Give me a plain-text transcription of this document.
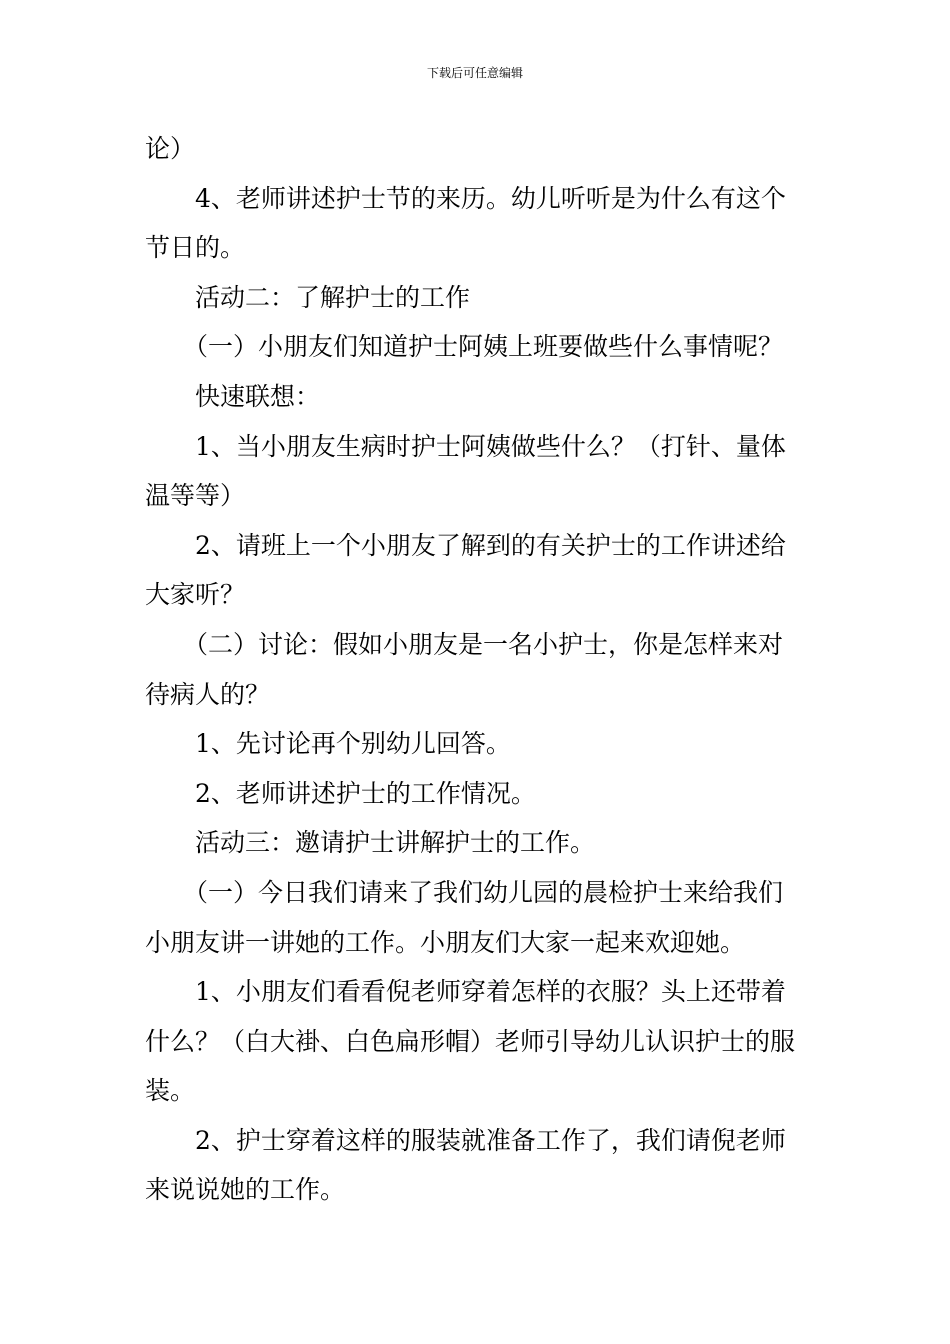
下载后可任意编辑

论）

4、老师讲述护士节的来历。幼儿听听是为什么有这个节日的。

活动二：了解护士的工作

（一）小朋友们知道护士阿姨上班要做些什么事情呢？

快速联想：

1、当小朋友生病时护士阿姨做些什么？（打针、量体温等等）

2、请班上一个小朋友了解到的有关护士的工作讲述给大家听？

（二）讨论：假如小朋友是一名小护士，你是怎样来对待病人的？

1、先讨论再个别幼儿回答。

2、老师讲述护士的工作情况。

活动三：邀请护士讲解护士的工作。

（一）今日我们请来了我们幼儿园的晨检护士来给我们小朋友讲一讲她的工作。小朋友们大家一起来欢迎她。

1、小朋友们看看倪老师穿着怎样的衣服？头上还带着什么？（白大褂、白色扁形帽）老师引导幼儿认识护士的服装。

2、护士穿着这样的服装就准备工作了，我们请倪老师来说说她的工作。
